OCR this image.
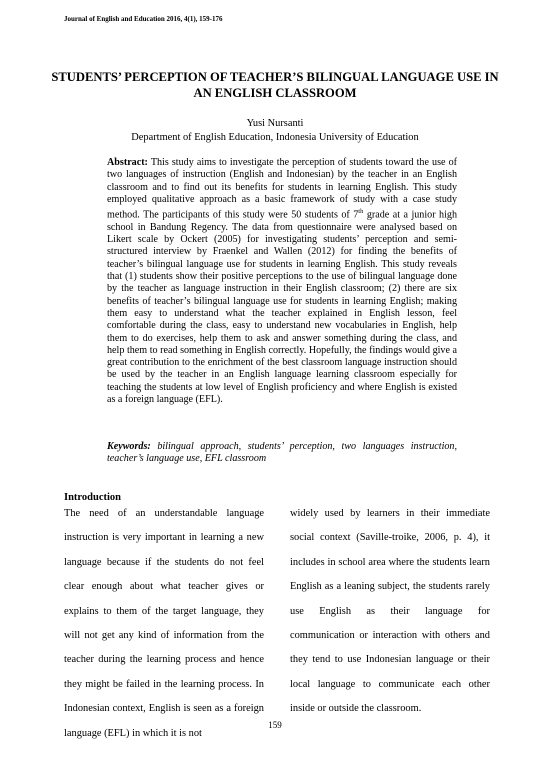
Journal of English and Education 2016, 4(1), 159-176
STUDENTS’ PERCEPTION OF TEACHER’S BILINGUAL LANGUAGE USE IN AN ENGLISH CLASSROOM
Yusi Nursanti
Department of English Education, Indonesia University of Education
Abstract: This study aims to investigate the perception of students toward the use of two languages of instruction (English and Indonesian) by the teacher in an English classroom and to find out its benefits for students in learning English. This study employed qualitative approach as a basic framework of study with a case study method. The participants of this study were 50 students of 7th grade at a junior high school in Bandung Regency. The data from questionnaire were analysed based on Likert scale by Ockert (2005) for investigating students’ perception and semi-structured interview by Fraenkel and Wallen (2012) for finding the benefits of teacher’s bilingual language use for students in learning English. This study reveals that (1) students show their positive perceptions to the use of bilingual language done by the teacher as language instruction in their English classroom; (2) there are six benefits of teacher’s bilingual language use for students in learning English; making them easy to understand what the teacher explained in English lesson, feel comfortable during the class, easy to understand new vocabularies in English, help them to do exercises, help them to ask and answer something during the class, and help them to read something in English correctly. Hopefully, the findings would give a great contribution to the enrichment of the best classroom language instruction should be used by the teacher in an English language learning classroom especially for teaching the students at low level of English proficiency and where English is existed as a foreign language (EFL).
Keywords: bilingual approach, students’ perception, two languages instruction, teacher’s language use, EFL classroom
Introduction
The need of an understandable language instruction is very important in learning a new language because if the students do not feel clear enough about what teacher gives or explains to them of the target language, they will not get any kind of information from the teacher during the learning process and hence they might be failed in the learning process. In Indonesian context, English is seen as a foreign language (EFL) in which it is not
widely used by learners in their immediate social context (Saville-troike, 2006, p. 4), it includes in school area where the students learn English as a leaning subject, the students rarely use English as their language for communication or interaction with others and they tend to use Indonesian language or their local language to communicate each other inside or outside the classroom.
159
